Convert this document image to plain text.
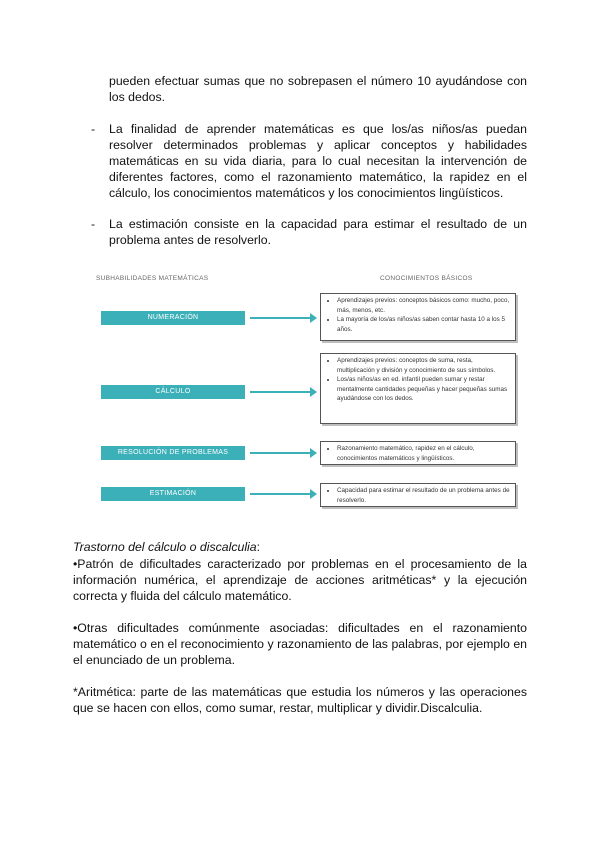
pueden efectuar sumas que no sobrepasen el número 10 ayudándose con los dedos.
- La finalidad de aprender matemáticas es que los/as niños/as puedan resolver determinados problemas y aplicar conceptos y habilidades matemáticas en su vida diaria, para lo cual necesitan la intervención de diferentes factores, como el razonamiento matemático, la rapidez en el cálculo, los conocimientos matemáticos y los conocimientos lingüísticos.
- La estimación consiste en la capacidad para estimar el resultado de un problema antes de resolverlo.
SUBHABILIDADES MATEMÁTICAS	CONOCIMIENTOS BÁSICOS
NUMERACIÓN
• Aprendizajes previos: conceptos básicos como: mucho, poco, más, menos, etc.
• La mayoría de los/as niños/as saben contar hasta 10 a los 5 años.
CÁLCULO
• Aprendizajes previos: conceptos de suma, resta, multiplicación y división y conocimiento de sus símbolos.
• Los/as niños/as en ed. infantil pueden sumar y restar mentalmente cantidades pequeñas y hacer pequeñas sumas ayudándose con los dedos.
RESOLUCIÓN DE PROBLEMAS
• Razonamiento matemático, rapidez en el cálculo, conocimientos matemáticos y lingüísticos.
ESTIMACIÓN
•	Capacidad para estimar el resultado de un problema antes de resolverlo.
Trastorno del cálculo o discalculia:
•Patrón de dificultades caracterizado por problemas en el procesamiento de la información numérica, el aprendizaje de acciones aritméticas* y la ejecución correcta y fluida del cálculo matemático.
•Otras dificultades comúnmente asociadas: dificultades en el razonamiento matemático o en el reconocimiento y razonamiento de las palabras, por ejemplo en el enunciado de un problema.
*Aritmética: parte de las matemáticas que estudia los números y las operaciones que se hacen con ellos, como sumar, restar, multiplicar y dividir.Discalculia.
